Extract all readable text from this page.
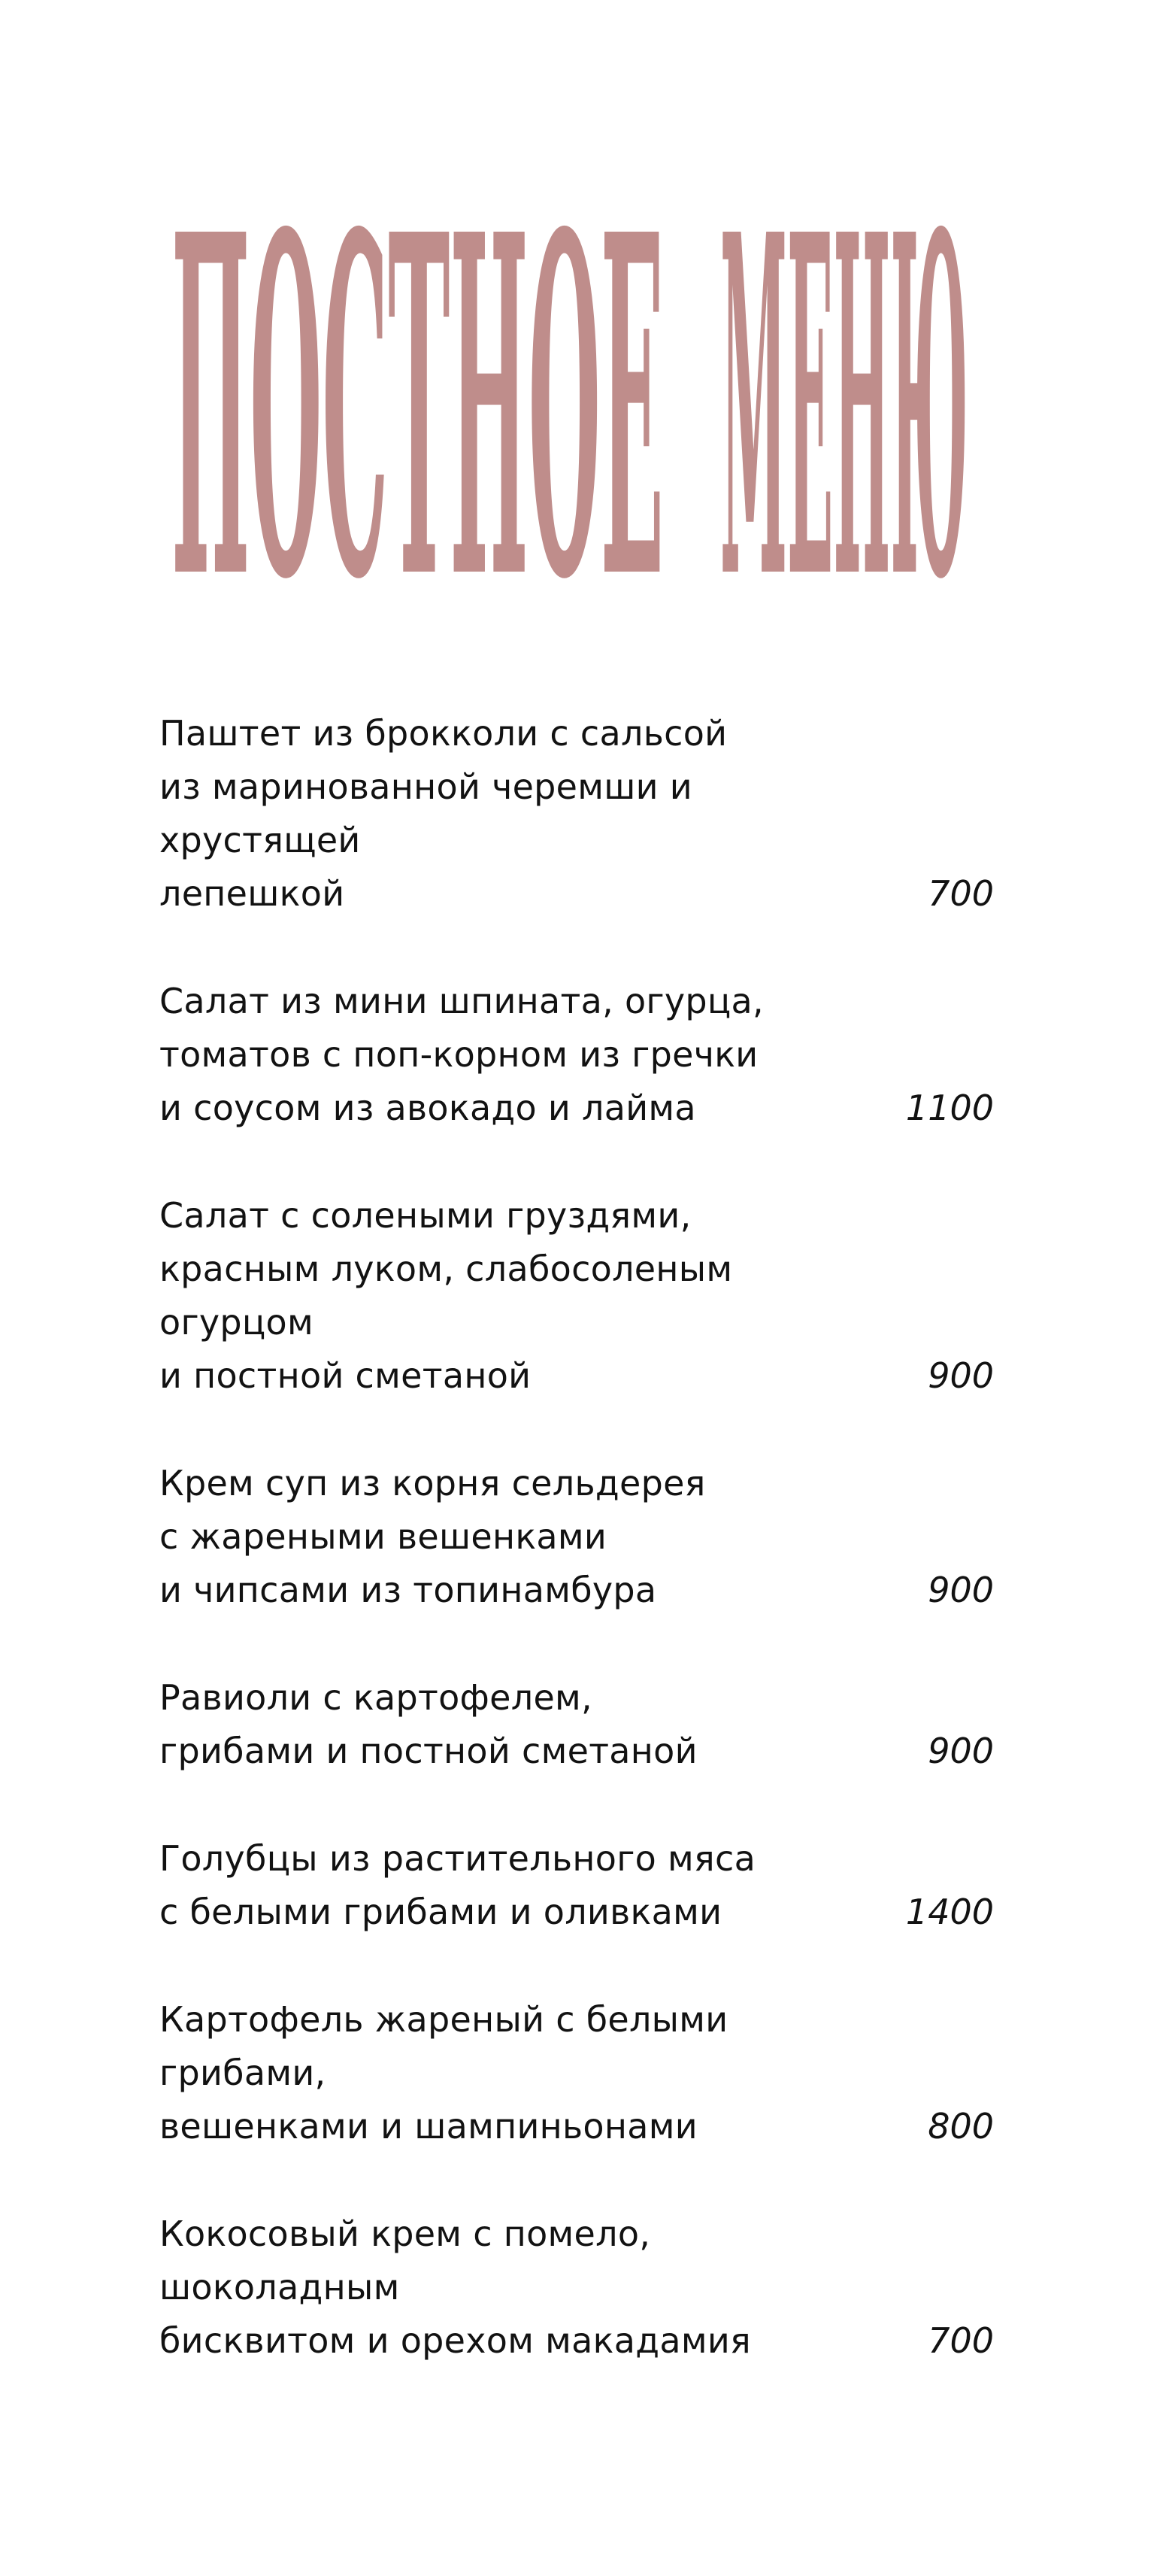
ПОСТНОЕ МЕНЮ
Паштет из брокколи с сальсой
из маринованной черемши и хрустящей
лепешкой	700
Салат из мини шпината, огурца,
томатов с поп-корном из гречки
и соусом из авокадо и лайма	1100
Салат с солеными груздями,
красным луком, слабосоленым огурцом
и постной сметаной	900
Крем суп из корня сельдерея
с жареными вешенками
и чипсами из топинамбура	900
Равиоли с картофелем,
грибами и постной сметаной	900
Голубцы из растительного мяса
с белыми грибами и оливками	1400
Картофель жареный с белыми грибами,
вешенками и шампиньонами	800
Кокосовый крем с помело, шоколадным
бисквитом и орехом макадамия	700
